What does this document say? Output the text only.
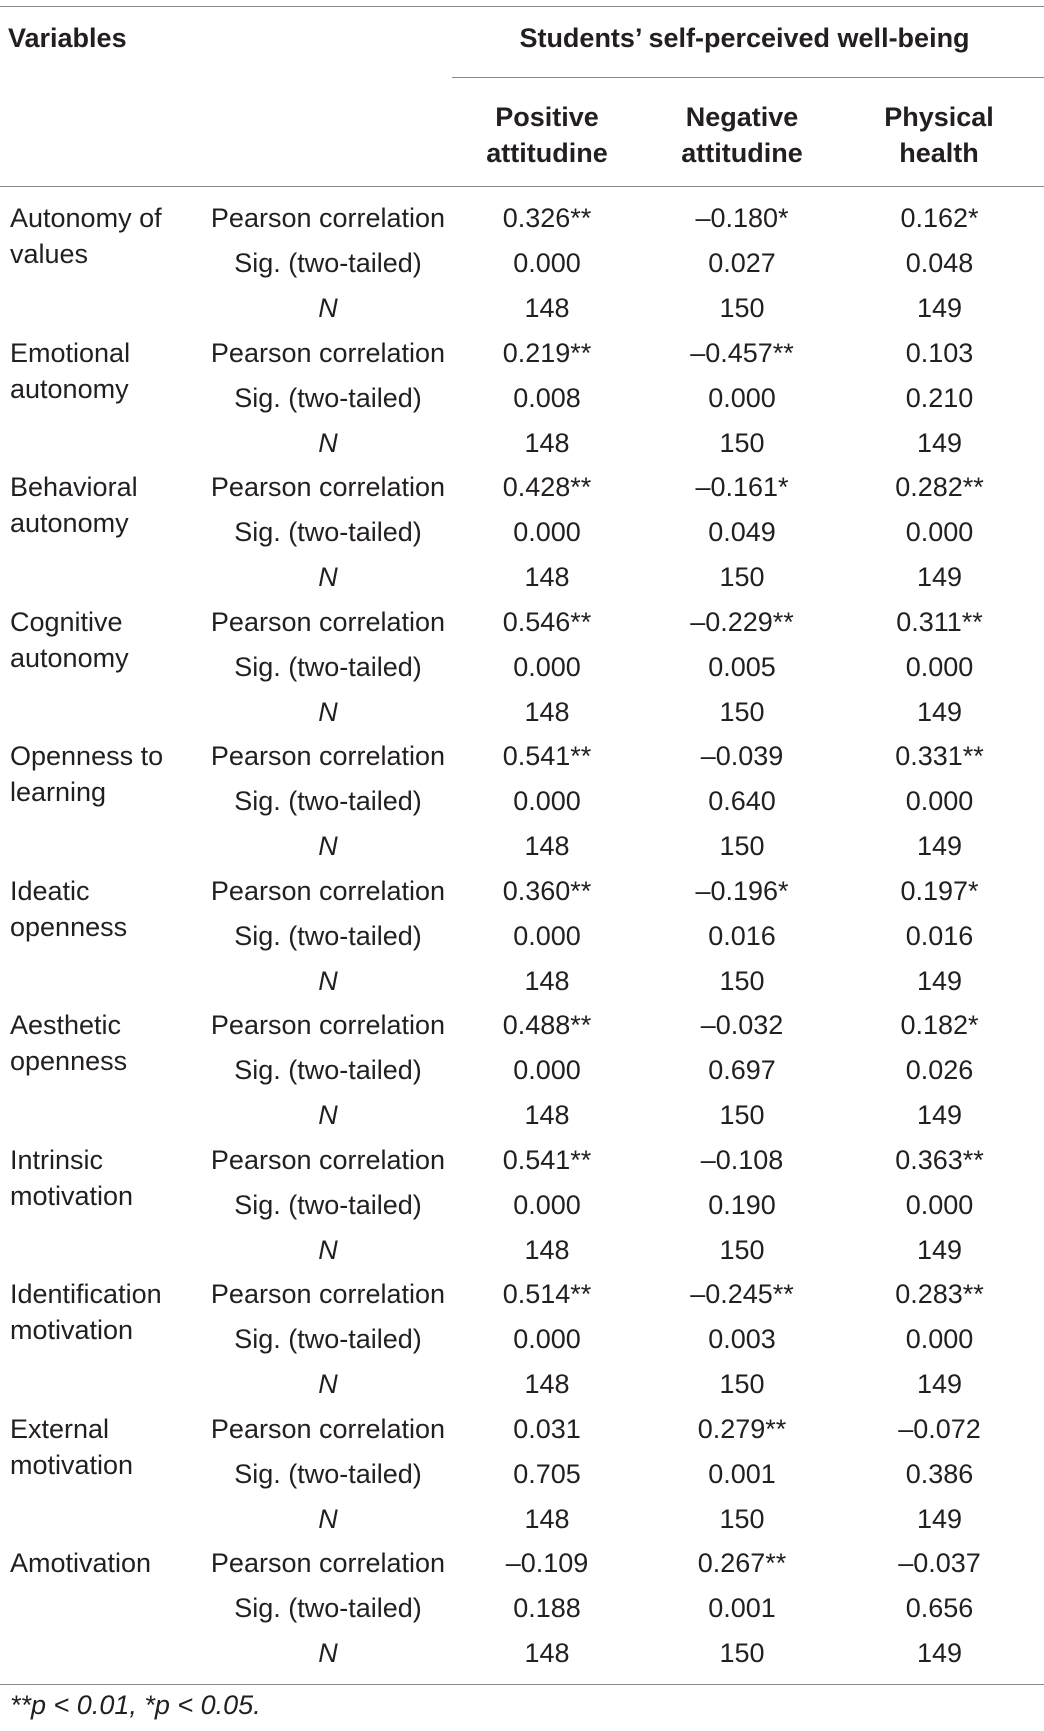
Variables	Students’ self-perceived well-being
Positive attitudine
Negative attitudine
Physical health
Autonomy of values
Pearson correlation	0.326**	–0.180*	0.162*
Sig. (two-tailed)	0.000	0.027	0.048
N	148	150	149
Emotional autonomy
Pearson correlation	0.219**	–0.457**	0.103
Sig. (two-tailed)	0.008	0.000	0.210
N	148	150	149
Behavioral autonomy
Pearson correlation	0.428**	–0.161*	0.282**
Sig. (two-tailed)	0.000	0.049	0.000
N	148	150	149
Cognitive autonomy
Pearson correlation	0.546**	–0.229**	0.311**
Sig. (two-tailed)	0.000	0.005	0.000
N	148	150	149
Openness to learning
Pearson correlation	0.541**	–0.039	0.331**
Sig. (two-tailed)	0.000	0.640	0.000
N	148	150	149
Ideatic openness
Pearson correlation	0.360**	–0.196*	0.197*
Sig. (two-tailed)	0.000	0.016	0.016
N	148	150	149
Aesthetic openness
Pearson correlation	0.488**	–0.032	0.182*
Sig. (two-tailed)	0.000	0.697	0.026
N	148	150	149
Intrinsic motivation
Pearson correlation	0.541**	–0.108	0.363**
Sig. (two-tailed)	0.000	0.190	0.000
N	148	150	149
Identification motivation
Pearson correlation	0.514**	–0.245**	0.283**
Sig. (two-tailed)	0.000	0.003	0.000
N	148	150	149
External motivation
Pearson correlation	0.031	0.279**	–0.072
Sig. (two-tailed)	0.705	0.001	0.386
N	148	150	149
Amotivation	Pearson correlation	–0.109	0.267**	–0.037
Sig. (two-tailed)	0.188	0.001	0.656
N	148	150	149
**p < 0.01, *p < 0.05.
